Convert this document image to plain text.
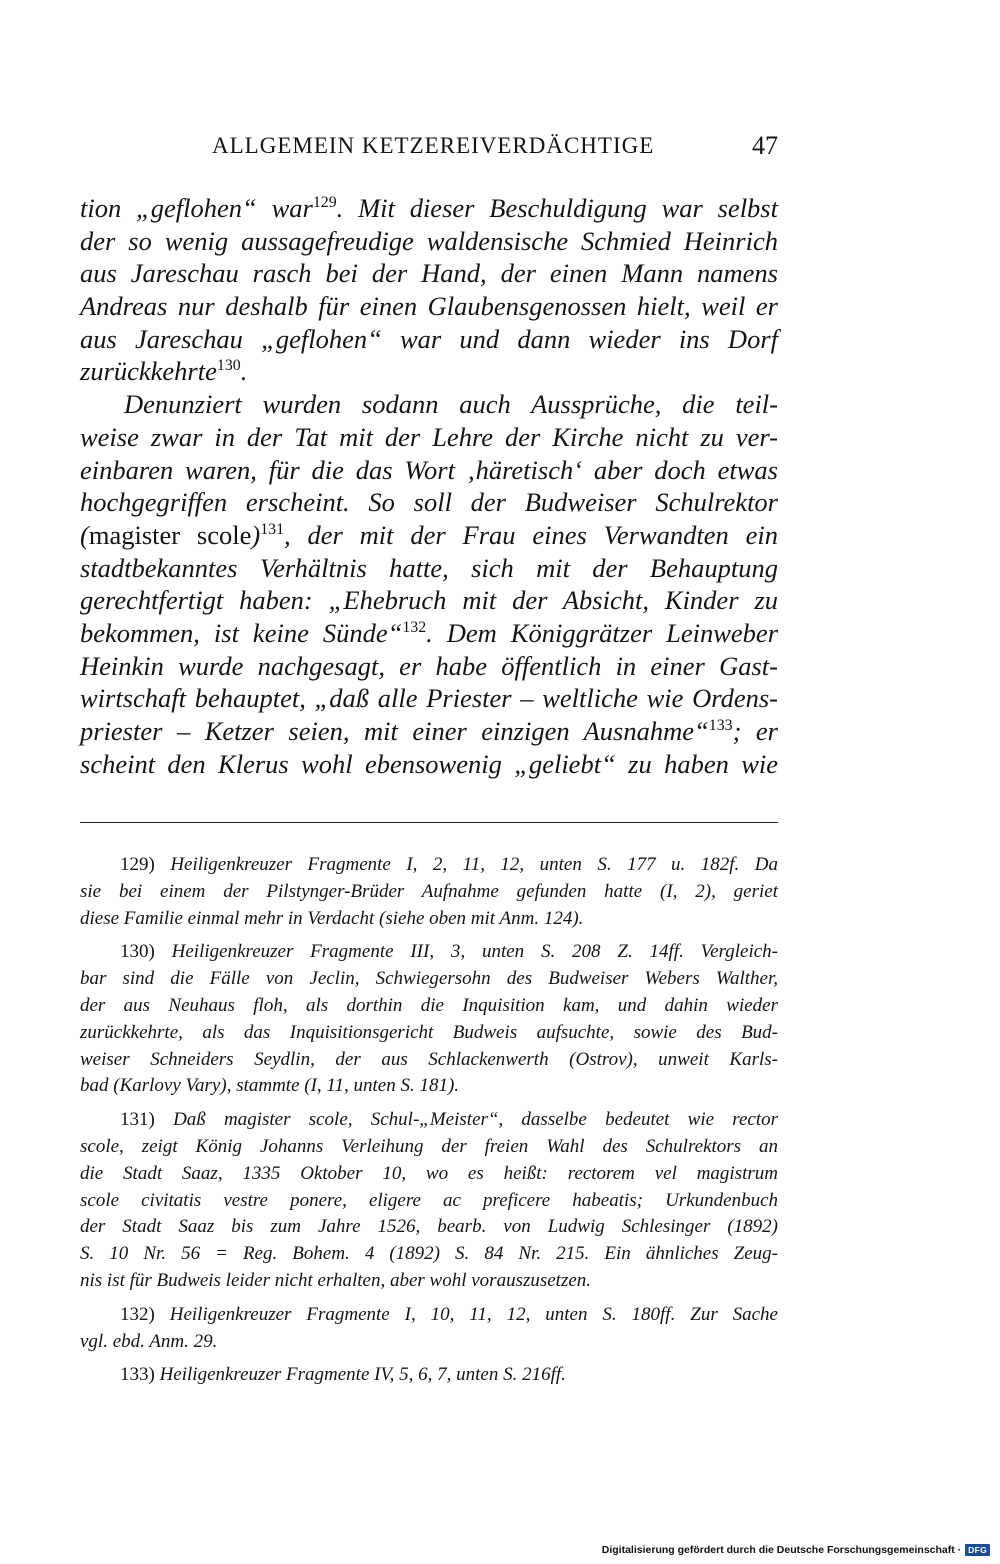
ALLGEMEIN KETZEREIVERDÄCHTIGE	47
tion „geflohen“ war$^{129}$. Mit dieser Beschuldigung war selbst
der so wenig aussagefreudige waldensische Schmied Heinrich
aus Jareschau rasch bei der Hand, der einen Mann namens
Andreas nur deshalb für einen Glaubensgenossen hielt, weil er
aus Jareschau „geflohen“ war und dann wieder ins Dorf
zurückkehrte$^{130}$.
Denunziert wurden sodann auch Aussprüche, die teil-
weise zwar in der Tat mit der Lehre der Kirche nicht zu ver-
einbaren waren, für die das Wort ‚häretisch‘ aber doch etwas
hochgegriffen erscheint. So soll der Budweiser Schulrektor
(magister scole)$^{131}$, der mit der Frau eines Verwandten ein
stadtbekanntes Verhältnis hatte, sich mit der Behauptung
gerechtfertigt haben: „Ehebruch mit der Absicht, Kinder zu
bekommen, ist keine Sünde“$^{132}$. Dem Königgrätzer Leinweber
Heinkin wurde nachgesagt, er habe öffentlich in einer Gast-
wirtschaft behauptet, „daß alle Priester – weltliche wie Ordens-
priester – Ketzer seien, mit einer einzigen Ausnahme“$^{133}$; er
scheint den Klerus wohl ebensowenig „geliebt“ zu haben wie
129) Heiligenkreuzer Fragmente I, 2, 11, 12, unten S. 177 u. 182f. Da
sie bei einem der Pilstynger-Brüder Aufnahme gefunden hatte (I, 2), geriet
diese Familie einmal mehr in Verdacht (siehe oben mit Anm. 124).
130) Heiligenkreuzer Fragmente III, 3, unten S. 208 Z. 14ff. Vergleich-
bar sind die Fälle von Jeclin, Schwiegersohn des Budweiser Webers Walther,
der aus Neuhaus floh, als dorthin die Inquisition kam, und dahin wieder
zurückkehrte, als das Inquisitionsgericht Budweis aufsuchte, sowie des Bud-
weiser Schneiders Seydlin, der aus Schlackenwerth (Ostrov), unweit Karls-
bad (Karlovy Vary), stammte (I, 11, unten S. 181).
131) Daß magister scole, Schul-„Meister“, dasselbe bedeutet wie rector
scole, zeigt König Johanns Verleihung der freien Wahl des Schulrektors an
die Stadt Saaz, 1335 Oktober 10, wo es heißt: rectorem vel magistrum
scole civitatis vestre ponere, eligere ac preficere habeatis; Urkundenbuch
der Stadt Saaz bis zum Jahre 1526, bearb. von Ludwig Schlesinger (1892)
S. 10 Nr. 56 = Reg. Bohem. 4 (1892) S. 84 Nr. 215. Ein ähnliches Zeug-
nis ist für Budweis leider nicht erhalten, aber wohl vorauszusetzen.
132) Heiligenkreuzer Fragmente I, 10, 11, 12, unten S. 180ff. Zur Sache
vgl. ebd. Anm. 29.
133) Heiligenkreuzer Fragmente IV, 5, 6, 7, unten S. 216ff.
Digitalisierung gefördert durch die Deutsche Forschungsgemeinschaft · DFG
